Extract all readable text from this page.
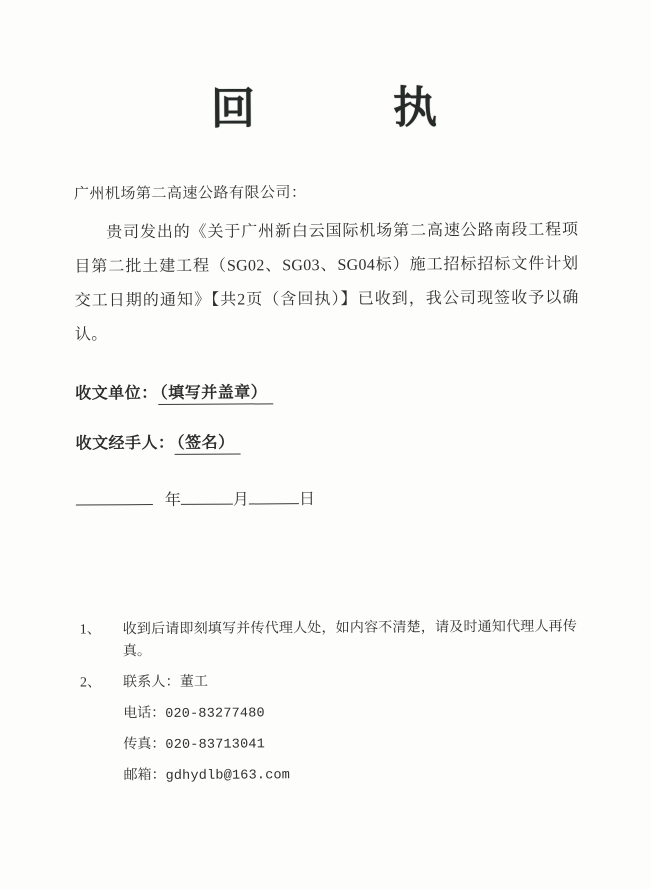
回	执

广州机场第二高速公路有限公司：

贵司发出的《关于广州新白云国际机场第二高速公路南段工程项目第二批土建工程（SG02、SG03、SG04标）施工招标招标文件计划交工日期的通知》【共2页（含回执）】已收到，我公司现签收予以确认。

收文单位： （填写并盖章）
收文经手人： （签名）
年	月	日
1、	收到后请即刻填写并传代理人处，如内容不清楚，请及时通知代理人再传真。
2、	联系人：董工
电话：020-83277480
传真：020-83713041
邮箱：gdhydlb@163.com
